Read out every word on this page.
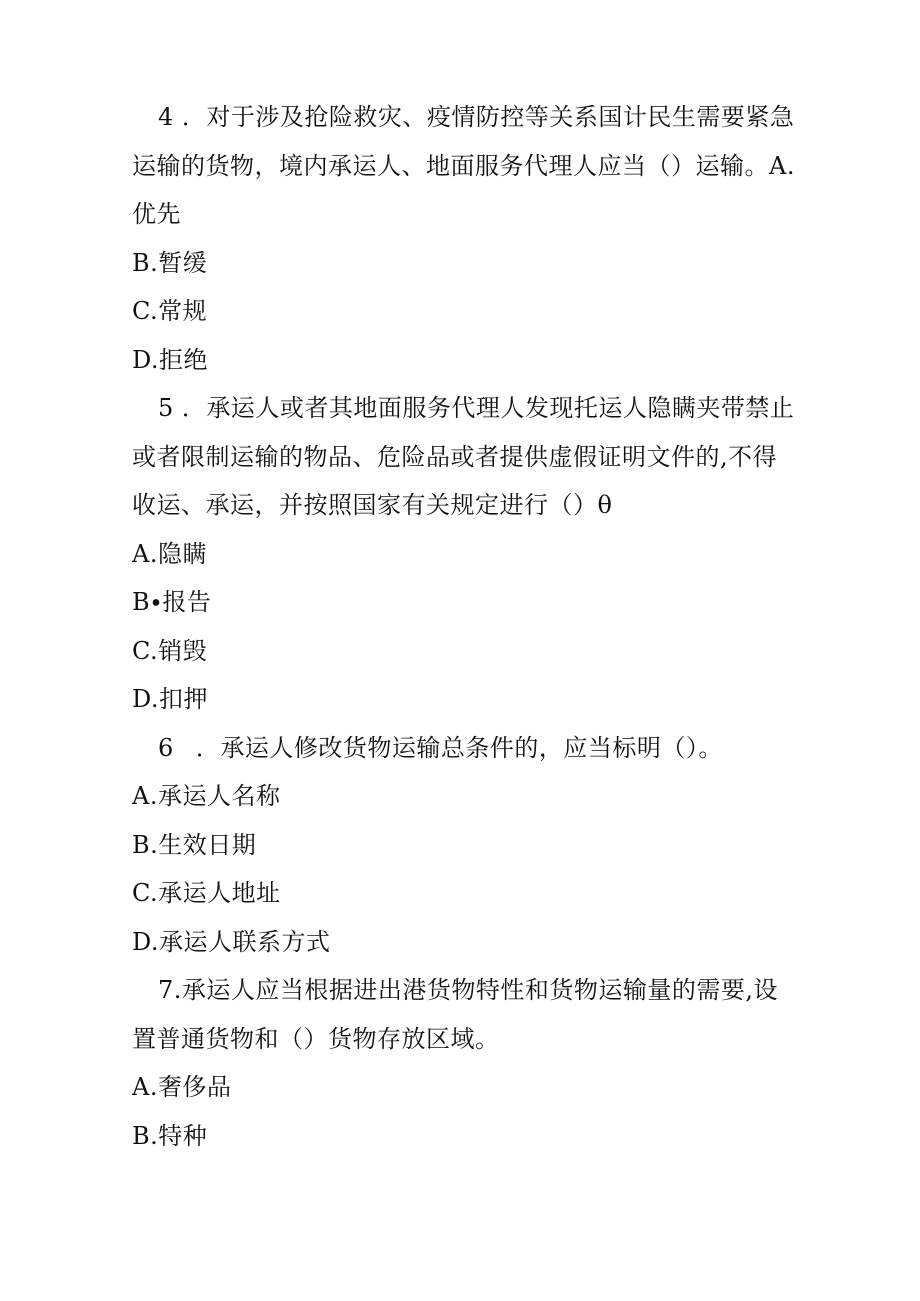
4 ．对于涉及抢险救灾、疫情防控等关系国计民生需要紧急
运输的货物，境内承运人、地面服务代理人应当（）运输。A.
优先
B.暂缓
C.常规
D.拒绝
5 ．承运人或者其地面服务代理人发现托运人隐瞒夹带禁止
或者限制运输的物品、危险品或者提供虚假证明文件的,不得
收运、承运，并按照国家有关规定进行（）θ
A.隐瞒
B∙报告
C.销毁
D.扣押
6 ．承运人修改货物运输总条件的，应当标明（）。
A.承运人名称
B.生效日期
C.承运人地址
D.承运人联系方式
7.承运人应当根据进出港货物特性和货物运输量的需要,设
置普通货物和（）货物存放区域。
A.奢侈品
B.特种
